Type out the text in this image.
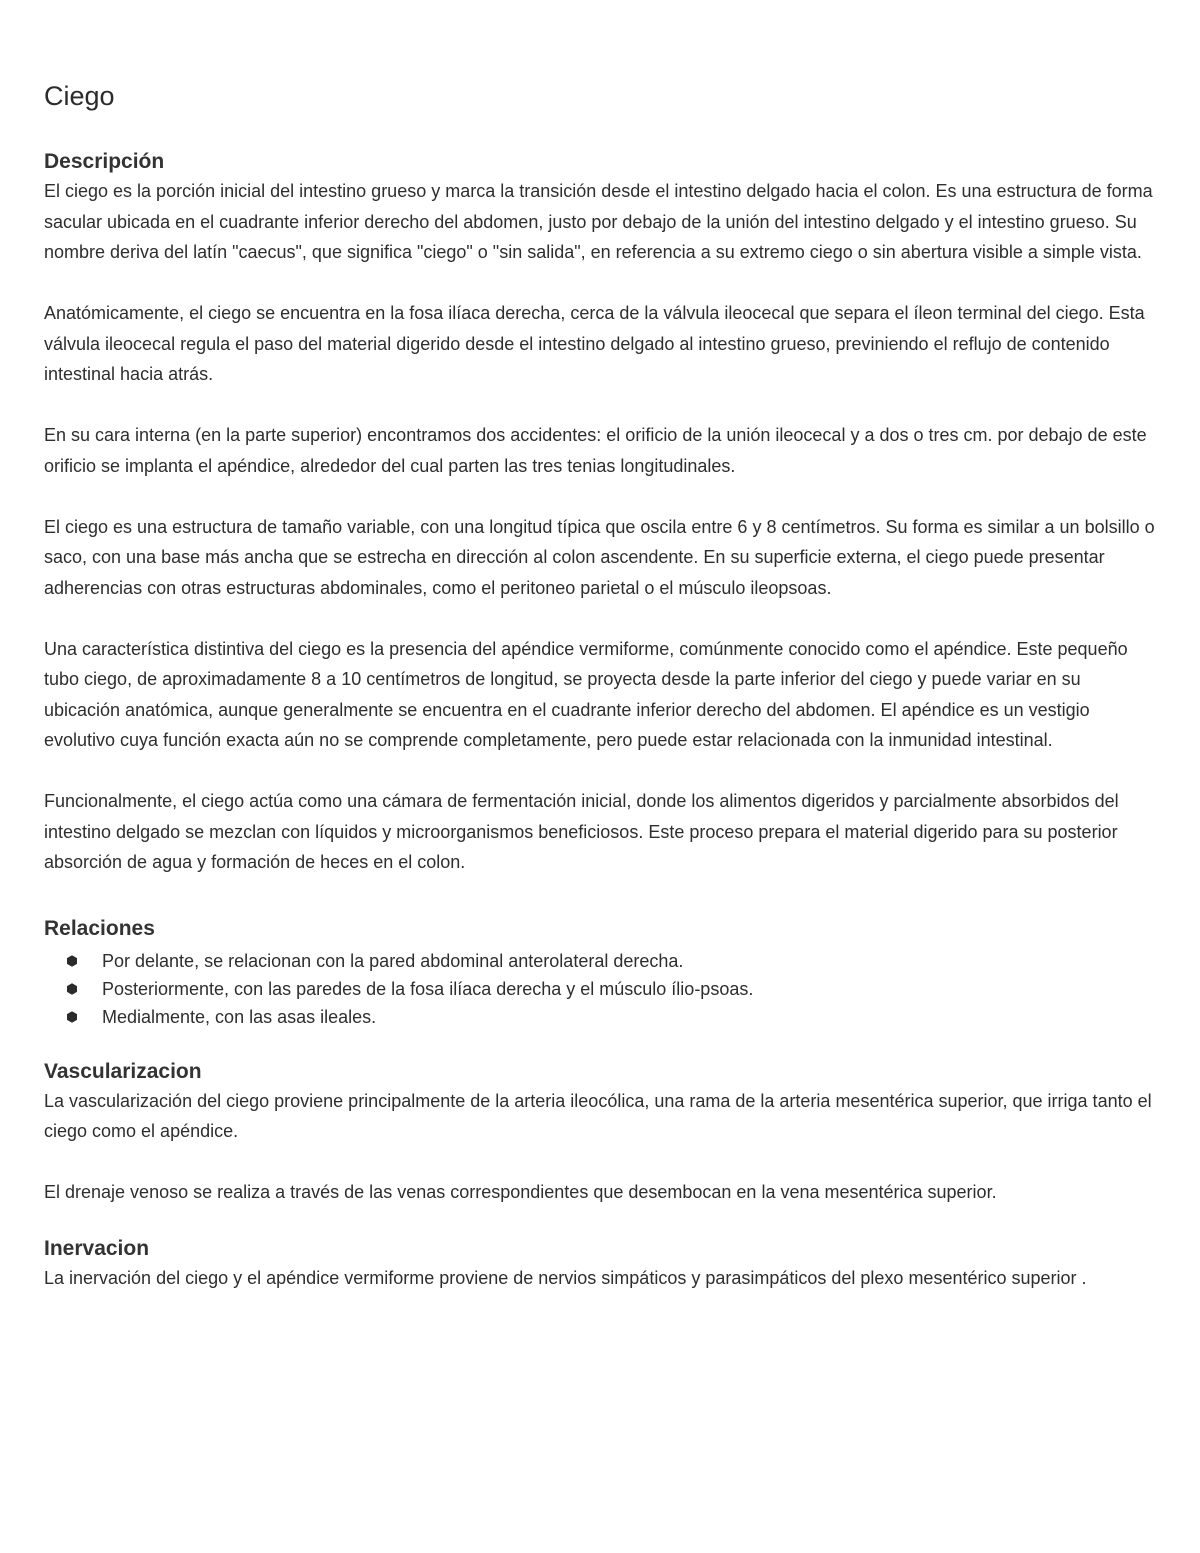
Ciego
Descripción

El ciego es la porción inicial del intestino grueso y marca la transición desde el intestino delgado hacia el colon. Es una estructura de forma sacular ubicada en el cuadrante inferior derecho del abdomen, justo por debajo de la unión del intestino delgado y el intestino grueso. Su nombre deriva del latín "caecus", que significa "ciego" o "sin salida", en referencia a su extremo ciego o sin abertura visible a simple vista.

Anatómicamente, el ciego se encuentra en la fosa ilíaca derecha, cerca de la válvula ileocecal que separa el íleon terminal del ciego. Esta válvula ileocecal regula el paso del material digerido desde el intestino delgado al intestino grueso, previniendo el reflujo de contenido intestinal hacia atrás.

En su cara interna (en la parte superior) encontramos dos accidentes: el orificio de la unión ileocecal y a dos o tres cm. por debajo de este orificio se implanta el apéndice, alrededor del cual parten las tres tenias longitudinales.

El ciego es una estructura de tamaño variable, con una longitud típica que oscila entre 6 y 8 centímetros. Su forma es similar a un bolsillo o saco, con una base más ancha que se estrecha en dirección al colon ascendente. En su superficie externa, el ciego puede presentar adherencias con otras estructuras abdominales, como el peritoneo parietal o el músculo ileopsoas.

Una característica distintiva del ciego es la presencia del apéndice vermiforme, comúnmente conocido como el apéndice. Este pequeño tubo ciego, de aproximadamente 8 a 10 centímetros de longitud, se proyecta desde la parte inferior del ciego y puede variar en su ubicación anatómica, aunque generalmente se encuentra en el cuadrante inferior derecho del abdomen. El apéndice es un vestigio evolutivo cuya función exacta aún no se comprende completamente, pero puede estar relacionada con la inmunidad intestinal.

Funcionalmente, el ciego actúa como una cámara de fermentación inicial, donde los alimentos digeridos y parcialmente absorbidos del intestino delgado se mezclan con líquidos y microorganismos beneficiosos. Este proceso prepara el material digerido para su posterior absorción de agua y formación de heces en el colon.

Relaciones
Por delante, se relacionan con la pared abdominal anterolateral derecha.
Posteriormente, con las paredes de la fosa ilíaca derecha y el músculo ílio-psoas.
Medialmente, con las asas ileales.
Vascularizacion

La vascularización del ciego proviene principalmente de la arteria ileocólica, una rama de la arteria mesentérica superior, que irriga tanto el ciego como el apéndice.

El drenaje venoso se realiza a través de las venas correspondientes que desembocan en la vena mesentérica superior.

Inervacion

La inervación del ciego y el apéndice vermiforme proviene de nervios simpáticos y parasimpáticos del plexo mesentérico superior .
